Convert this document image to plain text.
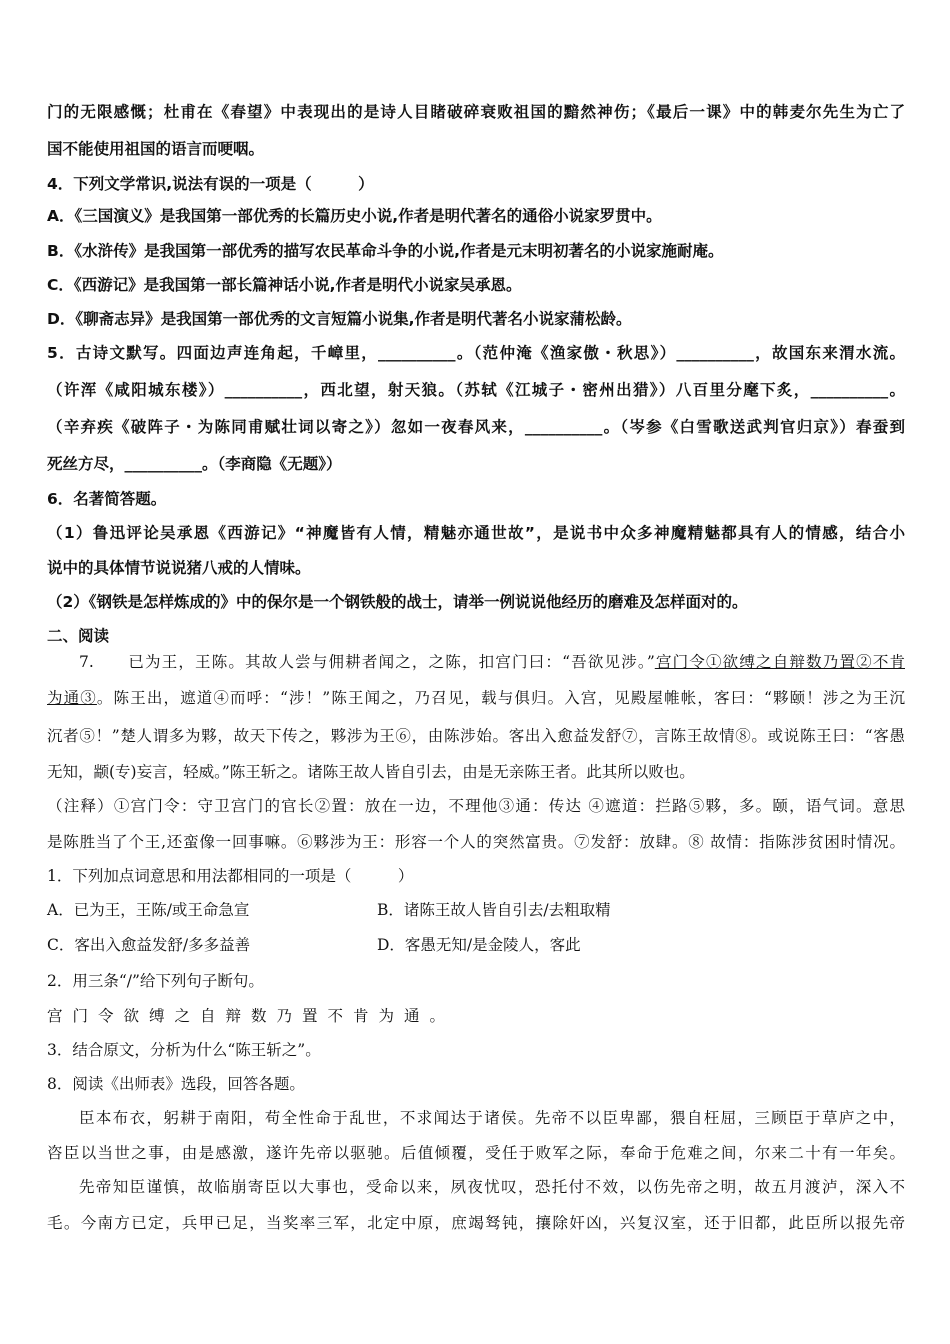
门的无限感慨；杜甫在《春望》中表现出的是诗人目睹破碎衰败祖国的黯然神伤；《最后一课》中的韩麦尔先生为亡了
国不能使用祖国的语言而哽咽。
4．下列文学常识,说法有误的一项是（　　　）
A．《三国演义》是我国第一部优秀的长篇历史小说,作者是明代著名的通俗小说家罗贯中。
B．《水浒传》是我国第一部优秀的描写农民革命斗争的小说,作者是元末明初著名的小说家施耐庵。
C．《西游记》是我国第一部长篇神话小说,作者是明代小说家吴承恩。
D．《聊斋志异》是我国第一部优秀的文言短篇小说集,作者是明代著名小说家蒲松龄。
5．古诗文默写。四面边声连角起，千嶂里，__________。（范仲淹《渔家傲・秋思》）__________，故国东来渭水流。
（许浑《咸阳城东楼》）__________，西北望，射天狼。（苏轼《江城子・密州出猎》）八百里分麾下炙，__________。
（辛弃疾《破阵子・为陈同甫赋壮词以寄之》）忽如一夜春风来，__________。（岑参《白雪歌送武判官归京》）春蚕到
死丝方尽，__________。（李商隐《无题》）
6．名著简答题。
（1）鲁迅评论吴承恩《西游记》“神魔皆有人情，精魅亦通世故”，是说书中众多神魔精魅都具有人的情感，结合小
说中的具体情节说说猪八戒的人情味。
（2）《钢铁是怎样炼成的》中的保尔是一个钢铁般的战士，请举一例说说他经历的磨难及怎样面对的。
二、阅读
7.　　已为王，王陈。其故人尝与佣耕者闻之，之陈，扣宫门曰：“吾欲见涉。”宫门令①欲缚之自辩数乃置②不肯
为通③。陈王出，遮道④而呼：“涉！”陈王闻之，乃召见，载与俱归。入宫，见殿屋帷帐，客曰：“夥颐！涉之为王沉
沉者⑤！”楚人谓多为夥，故天下传之，夥涉为王⑥，由陈涉始。客出入愈益发舒⑦，言陈王故情⑧。或说陈王曰：“客愚
无知，颛(专)妄言，轻威。”陈王斩之。诸陈王故人皆自引去，由是无亲陈王者。此其所以败也。
（注释）①宫门令：守卫宫门的官长②置：放在一边，不理他③通：传达 ④遮道：拦路⑤夥，多。颐，语气词。意思
是陈胜当了个王,还蛮像一回事嘛。⑥夥涉为王：形容一个人的突然富贵。⑦发舒：放肆。⑧ 故情：指陈涉贫困时情况。
1．下列加点词意思和用法都相同的一项是（　　　）
A．已为王，王陈/或王命急宣	B．诸陈王故人皆自引去/去粗取精
C．客出入愈益发舒/多多益善	D．客愚无知/是金陵人，客此
2．用三条“/”给下列句子断句。
宫门令欲缚之自辩数乃置不肯为通。
3．结合原文，分析为什么“陈王斩之”。
8．阅读《出师表》选段，回答各题。
臣本布衣，躬耕于南阳，苟全性命于乱世，不求闻达于诸侯。先帝不以臣卑鄙，猥自枉屈，三顾臣于草庐之中，
咨臣以当世之事，由是感激，遂许先帝以驱驰。后值倾覆，受任于败军之际，奉命于危难之间，尔来二十有一年矣。
先帝知臣谨慎，故临崩寄臣以大事也，受命以来，夙夜忧叹，恐托付不效，以伤先帝之明，故五月渡泸，深入不
毛。今南方已定，兵甲已足，当奖率三军，北定中原，庶竭驽钝，攘除奸凶，兴复汉室，还于旧都，此臣所以报先帝
